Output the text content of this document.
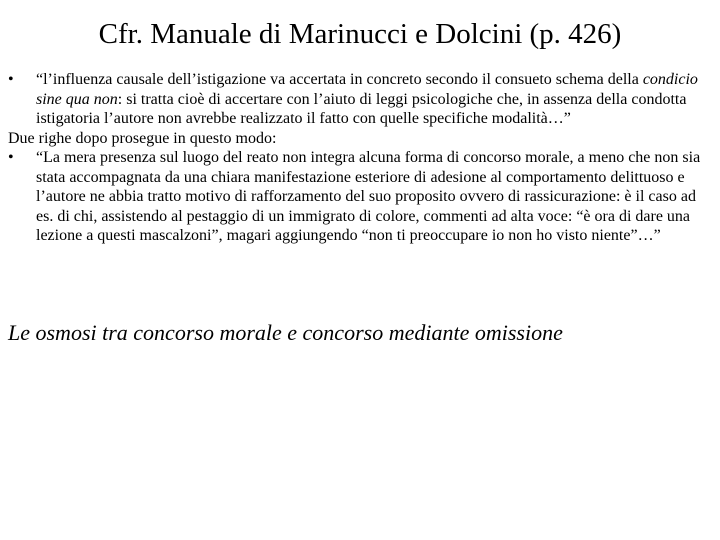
Cfr. Manuale di Marinucci e Dolcini (p. 426)
•	“l’influenza causale dell’istigazione va accertata in concreto secondo il consueto schema della condicio sine qua non: si tratta cioè di accertare con l’aiuto di leggi psicologiche che, in assenza della condotta istigatoria l’autore non avrebbe realizzato il fatto con quelle specifiche modalità…”

Due righe dopo prosegue in questo modo:

•	“La mera presenza sul luogo del reato non integra alcuna forma di concorso morale, a meno che non sia stata accompagnata da una chiara manifestazione esteriore di adesione al comportamento delittuoso e l’autore ne abbia tratto motivo di rafforzamento del suo proposito ovvero di rassicurazione: è il caso ad es. di chi, assistendo al pestaggio di un immigrato di colore, commenti ad alta voce: “è ora di dare una lezione a questi mascalzoni”, magari aggiungendo “non ti preoccupare io non ho visto niente”…”
Le osmosi tra concorso morale e concorso mediante omissione
